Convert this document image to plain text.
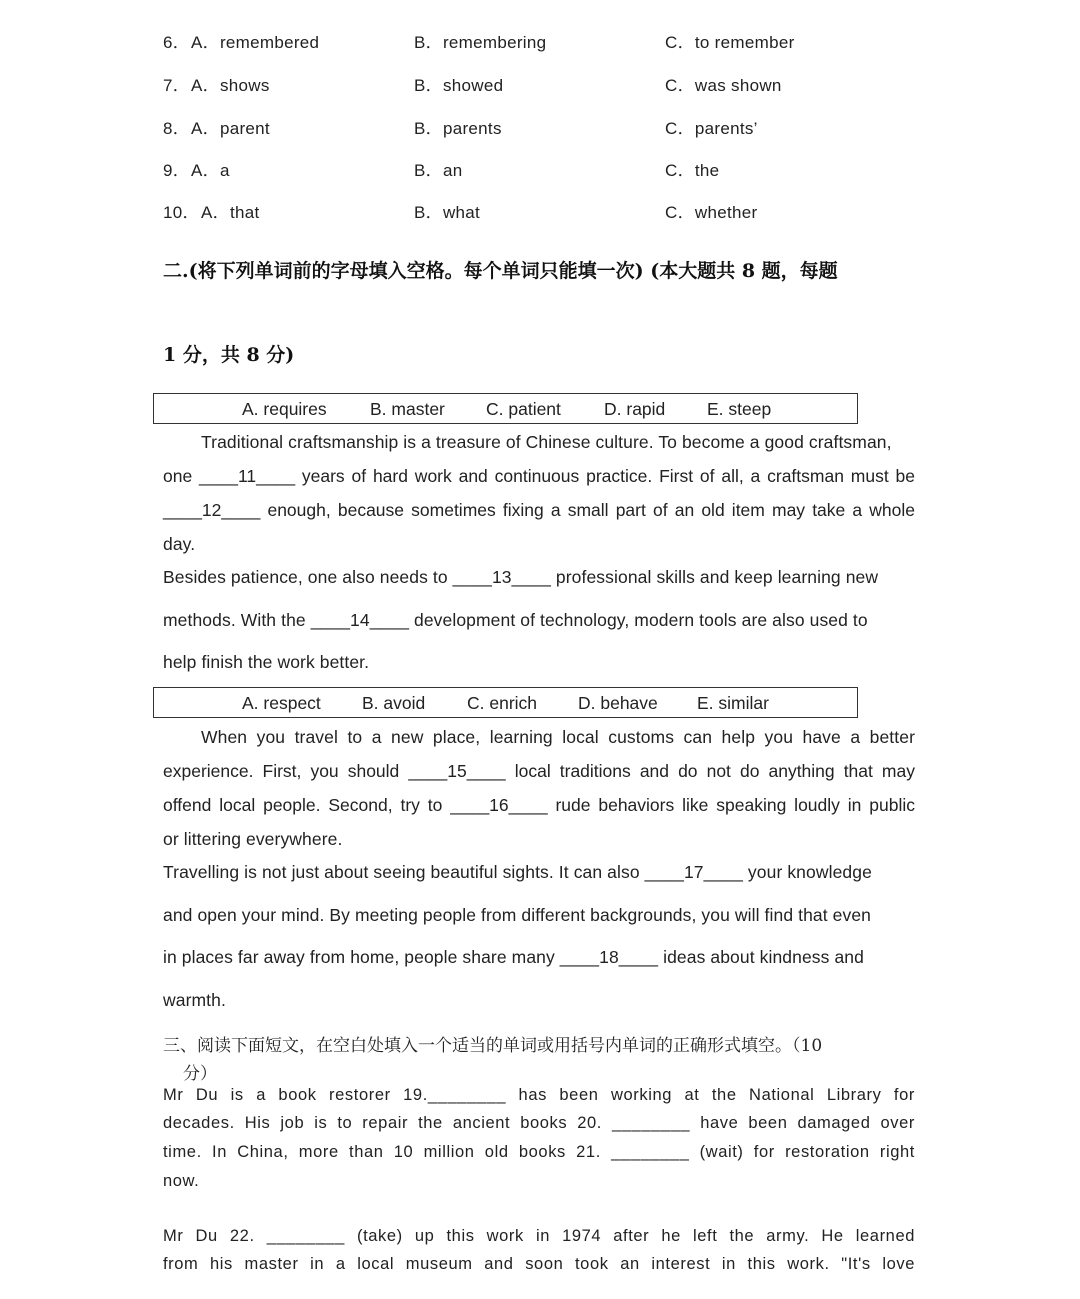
6． A．remembered	B．remembering	C．to remember
7． A．shows	B．showed	C．was shown
8． A．parent	B．parents	C．parents’
9． A．a	B．an	C．the
10． A．that	B．what	C．whether
二.(将下列单词前的字母填入空格。每个单词只能填一次) (本大题共 8 题，每题
1 分，共 8 分)
A. requires B. master C. patient D. rapid E. steep
Traditional craftsmanship is a treasure of Chinese culture. To become a good craftsman,
one ____11____ years of hard work and continuous practice. First of all, a craftsman must be
____12____ enough, because sometimes fixing a small part of an old item may take a whole
day.
Besides patience, one also needs to ____13____ professional skills and keep learning new
methods. With the ____14____ development of technology, modern tools are also used to
help finish the work better.
A. respect B. avoid C. enrich D. behave E. similar
When you travel to a new place, learning local customs can help you have a better
experience. First, you should ____15____ local traditions and do not do anything that may
offend local people. Second, try to ____16____ rude behaviors like speaking loudly in public
or littering everywhere.
Travelling is not just about seeing beautiful sights. It can also ____17____ your knowledge
and open your mind. By meeting people from different backgrounds, you will find that even
in places far away from home, people share many ____18____ ideas about kindness and
warmth.
三、阅读下面短文，在空白处填入一个适当的单词或用括号内单词的正确形式填空。（10
分）
Mr Du is a book restorer 19.________ has been working at the National Library for
decades. His job is to repair the ancient books 20. ________ have been damaged over
time. In China, more than 10 million old books 21. ________ (wait) for restoration right
now.
Mr Du 22. ________ (take) up this work in 1974 after he left the army. He learned
from his master in a local museum and soon took an interest in this work. "It's love
